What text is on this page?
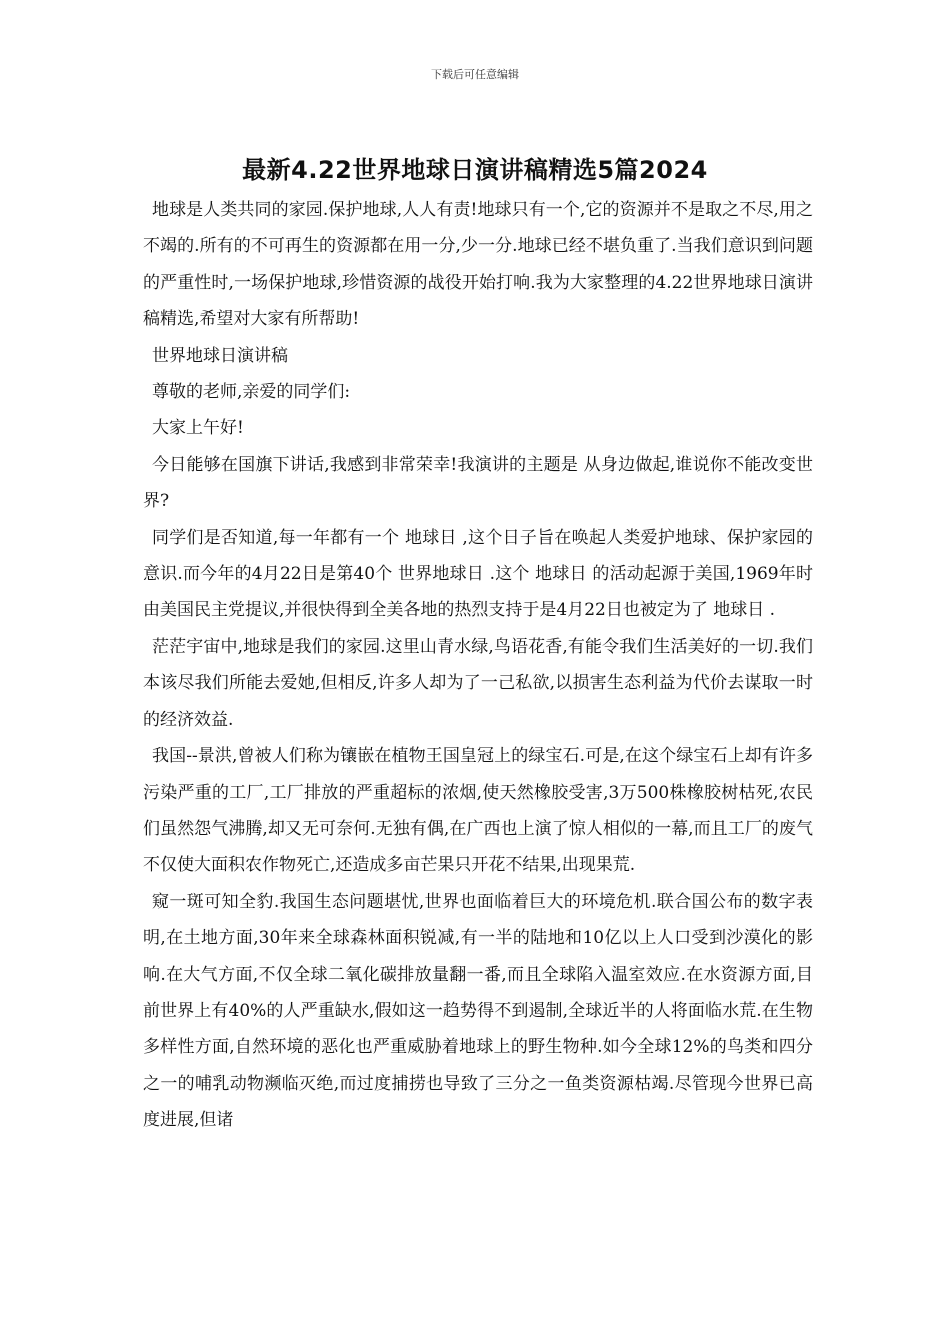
下载后可任意编辑
最新4.22世界地球日演讲稿精选5篇2024

地球是人类共同的家园.保护地球,人人有责!地球只有一个,它的资源并不是取之不尽,用之不竭的.所有的不可再生的资源都在用一分,少一分.地球已经不堪负重了.当我们意识到问题的严重性时,一场保护地球,珍惜资源的战役开始打响.我为大家整理的4.22世界地球日演讲稿精选,希望对大家有所帮助!

世界地球日演讲稿

尊敬的老师,亲爱的同学们:

大家上午好!

今日能够在国旗下讲话,我感到非常荣幸!我演讲的主题是 从身边做起,谁说你不能改变世界?

同学们是否知道,每一年都有一个 地球日 ,这个日子旨在唤起人类爱护地球、保护家园的意识.而今年的4月22日是第40个 世界地球日 .这个 地球日 的活动起源于美国,1969年时由美国民主党提议,并很快得到全美各地的热烈支持于是4月22日也被定为了 地球日 .

茫茫宇宙中,地球是我们的家园.这里山青水绿,鸟语花香,有能令我们生活美好的一切.我们本该尽我们所能去爱她,但相反,许多人却为了一己私欲,以损害生态利益为代价去谋取一时的经济效益.

我国--景洪,曾被人们称为镶嵌在植物王国皇冠上的绿宝石.可是,在这个绿宝石上却有许多污染严重的工厂,工厂排放的严重超标的浓烟,使天然橡胶受害,3万500株橡胶树枯死,农民们虽然怨气沸腾,却又无可奈何.无独有偶,在广西也上演了惊人相似的一幕,而且工厂的废气不仅使大面积农作物死亡,还造成多亩芒果只开花不结果,出现果荒.

窥一斑可知全豹.我国生态问题堪忧,世界也面临着巨大的环境危机.联合国公布的数字表明,在土地方面,30年来全球森林面积锐减,有一半的陆地和10亿以上人口受到沙漠化的影响.在大气方面,不仅全球二氧化碳排放量翻一番,而且全球陷入温室效应.在水资源方面,目前世界上有40%的人严重缺水,假如这一趋势得不到遏制,全球近半的人将面临水荒.在生物多样性方面,自然环境的恶化也严重威胁着地球上的野生物种.如今全球12%的鸟类和四分之一的哺乳动物濒临灭绝,而过度捕捞也导致了三分之一鱼类资源枯竭.尽管现今世界已高度进展,但诸
